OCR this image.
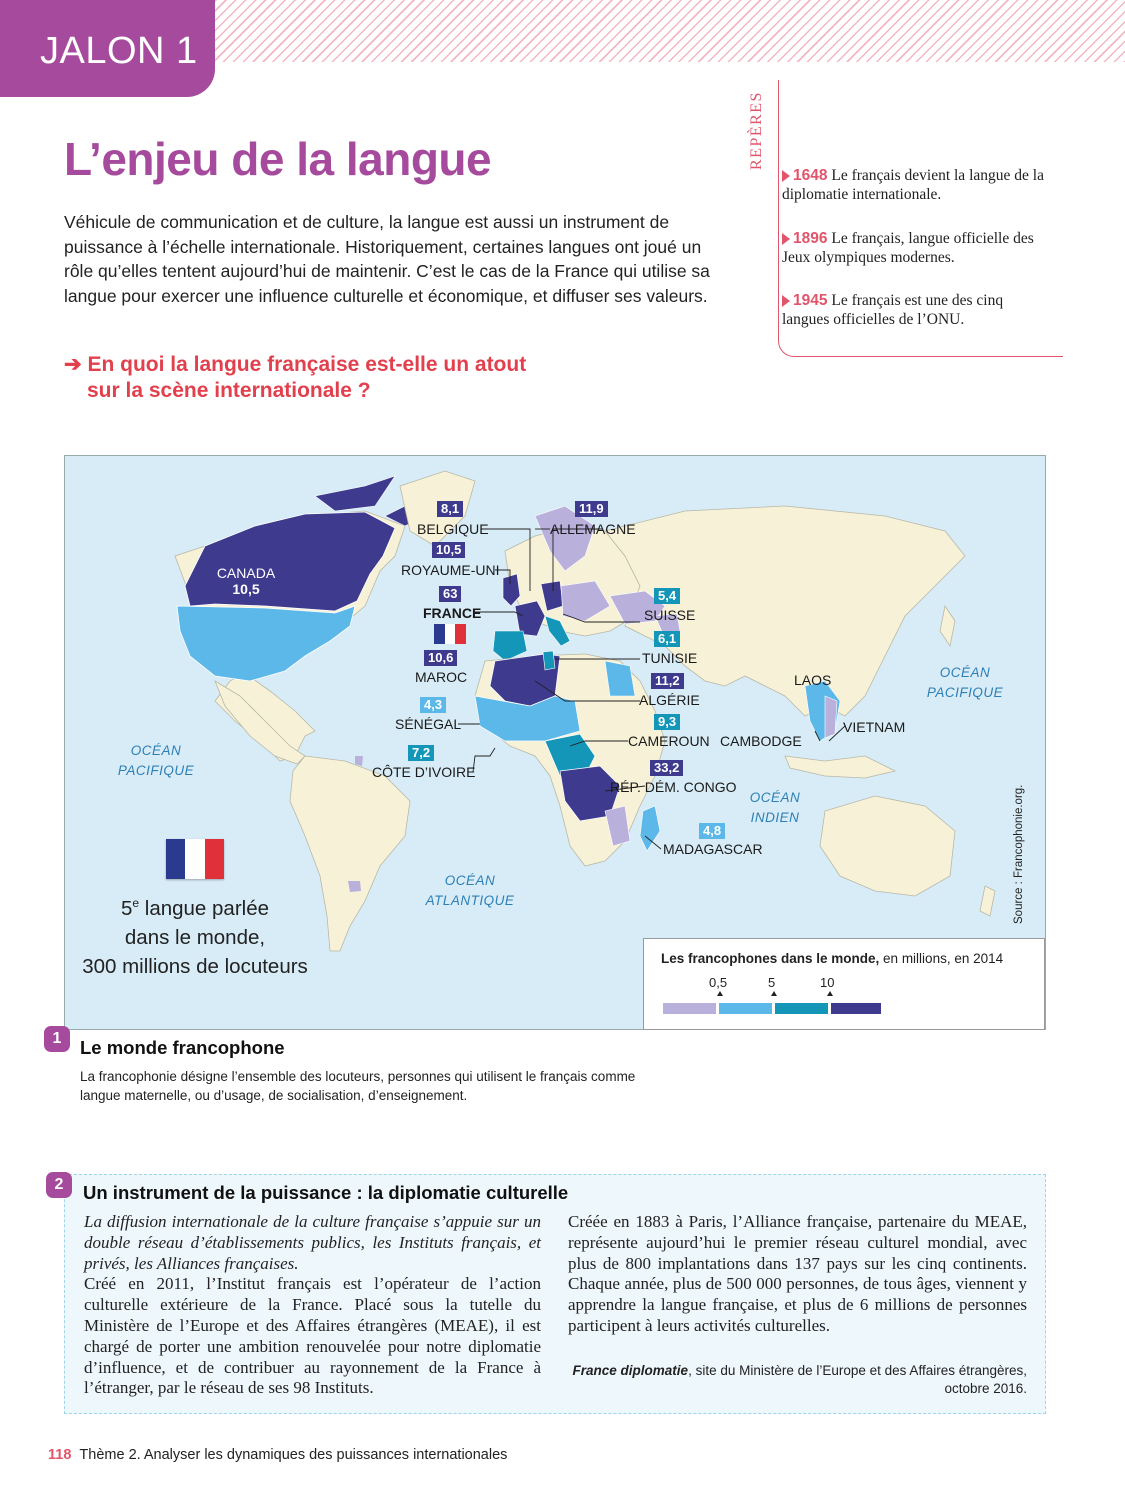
JALON 1
L’enjeu de la langue
Véhicule de communication et de culture, la langue est aussi un instrument de puissance à l’échelle internationale. Historiquement, certaines langues ont joué un rôle qu’elles tentent aujourd’hui de maintenir. C’est le cas de la France qui utilise sa langue pour exercer une influence culturelle et économique, et diffuser ses valeurs.
➔ En quoi la langue française est-elle un atout
sur la scène internationale ?
REPÈRES
1648 Le français devient la langue de la diplomatie internationale.
1896 Le français, langue officielle des Jeux olympiques modernes.
1945 Le français est une des cinq langues officielles de l’ONU.
CANADA
10,5
8,1
BELGIQUE
11,9
ALLEMAGNE
10,5
ROYAUME-UNI
63
FRANCE
5,4
SUISSE
6,1
TUNISIE
10,6
MAROC	11,2
ALGÉRIE
4,3
SÉNÉGAL	9,3
CAMEROUN
7,2
CÔTE D’IVOIRE	33,2
RÉP. DÉM. CONGO
4,8
MADAGASCAR
LAOS
VIETNAM
CAMBODGE
OCÉAN
PACIFIQUE
OCÉAN
PACIFIQUE
OCÉAN
ATLANTIQUE
OCÉAN
INDIEN
5e langue parlée
dans le monde,
300 millions de locuteurs
Source : Francophonie.org.
Les francophones dans le monde, en millions, en 2014
0,5	5	10
1	Le monde francophone
La francophonie désigne l’ensemble des locuteurs, personnes qui utilisent le français comme langue maternelle, ou d’usage, de socialisation, d’enseignement.
2	Un instrument de la puissance : la diplomatie culturelle

La diffusion internationale de la culture française s’appuie sur un double réseau d’établissements publics, les Instituts français, et privés, les Alliances françaises.

Créé en 2011, l’Institut français est l’opérateur de l’action culturelle extérieure de la France. Placé sous la tutelle du Ministère de l’Europe et des Affaires étrangères (MEAE), il est chargé de porter une ambition renouvelée pour notre diplomatie d’influence, et de contribuer au rayonnement de la France à l’étranger, par le réseau de ses 98 Instituts.

Créée en 1883 à Paris, l’Alliance française, partenaire du MEAE, représente aujourd’hui le premier réseau culturel mondial, avec plus de 800 implantations dans 137 pays sur les cinq continents. Chaque année, plus de 500 000 personnes, de tous âges, viennent y apprendre la langue française, et plus de 6 millions de personnes participent à leurs activités culturelles.

France diplomatie, site du Ministère de l’Europe et des Affaires étrangères, octobre 2016.
118 Thème 2. Analyser les dynamiques des puissances internationales
